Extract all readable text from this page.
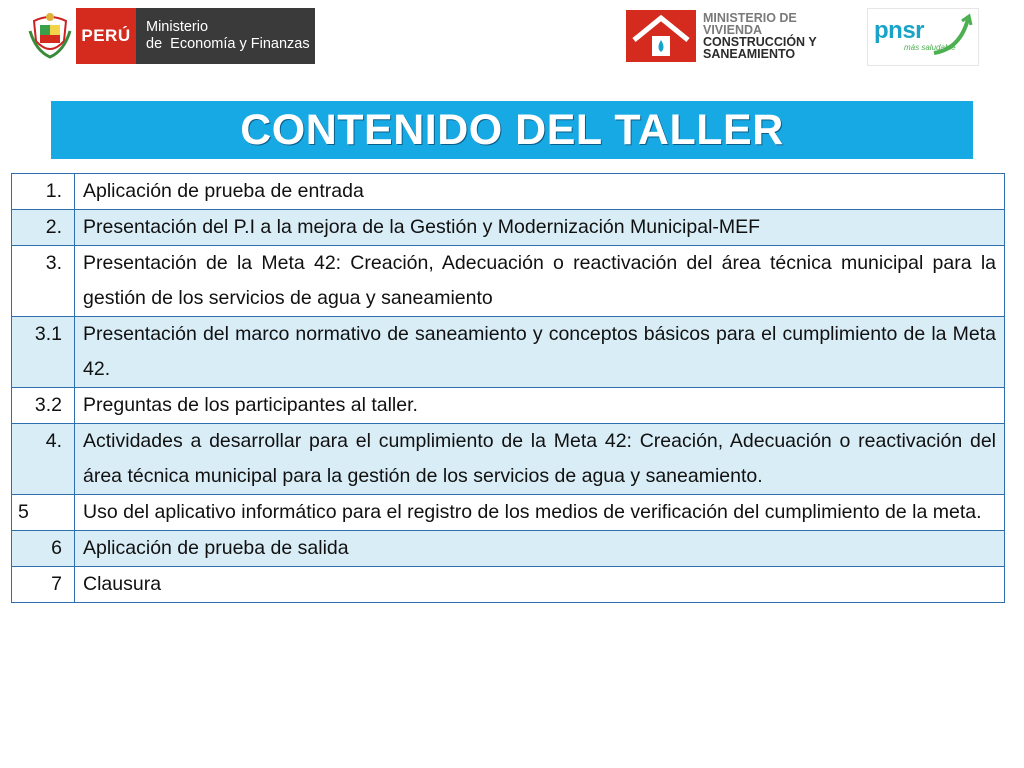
PERÚ	Ministerio
de  Economía y Finanzas
MINISTERIO DE
VIVIENDA
CONSTRUCCIÓN Y
SANEAMIENTO
pnsr
más saludable
CONTENIDO DEL TALLER
1.	Aplicación de prueba de entrada
2.	Presentación del P.I a la mejora de la Gestión y Modernización Municipal-MEF
3.	Presentación de la Meta 42: Creación, Adecuación o reactivación del área técnica municipal para la gestión de los servicios de agua y saneamiento
3.1	Presentación del marco normativo de saneamiento y conceptos básicos para el cumplimiento de la Meta 42.
3.2	Preguntas de los participantes al taller.
4.	Actividades a desarrollar para el cumplimiento de la Meta 42: Creación, Adecuación o reactivación del área técnica municipal para la gestión de los servicios de agua y saneamiento.
5	Uso del aplicativo informático para el registro de los medios de verificación del cumplimiento de la meta.
6	Aplicación de prueba de salida
7	Clausura
